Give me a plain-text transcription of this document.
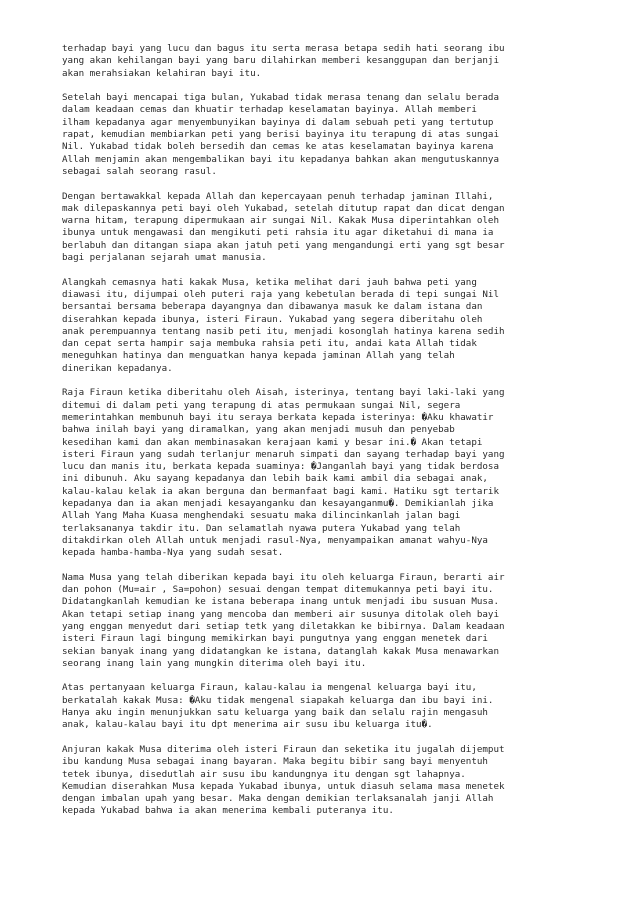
terhadap bayi yang lucu dan bagus itu serta merasa betapa sedih hati seorang ibu
yang akan kehilangan bayi yang baru dilahirkan memberi kesanggupan dan berjanji
akan merahsiakan kelahiran bayi itu.
Setelah bayi mencapai tiga bulan, Yukabad tidak merasa tenang dan selalu berada
dalam keadaan cemas dan khuatir terhadap keselamatan bayinya. Allah memberi
ilham kepadanya agar menyembunyikan bayinya di dalam sebuah peti yang tertutup
rapat, kemudian membiarkan peti yang berisi bayinya itu terapung di atas sungai
Nil. Yukabad tidak boleh bersedih dan cemas ke atas keselamatan bayinya karena
Allah menjamin akan mengembalikan bayi itu kepadanya bahkan akan mengutuskannya
sebagai salah seorang rasul.
Dengan bertawakkal kepada Allah dan kepercayaan penuh terhadap jaminan Illahi,
mak dilepaskannya peti bayi oleh Yukabad, setelah ditutup rapat dan dicat dengan
warna hitam, terapung dipermukaan air sungai Nil. Kakak Musa diperintahkan oleh
ibunya untuk mengawasi dan mengikuti peti rahsia itu agar diketahui di mana ia
berlabuh dan ditangan siapa akan jatuh peti yang mengandungi erti yang sgt besar
bagi perjalanan sejarah umat manusia.
Alangkah cemasnya hati kakak Musa, ketika melihat dari jauh bahwa peti yang
diawasi itu, dijumpai oleh puteri raja yang kebetulan berada di tepi sungai Nil
bersantai bersama beberapa dayangnya dan dibawanya masuk ke dalam istana dan
diserahkan kepada ibunya, isteri Firaun. Yukabad yang segera diberitahu oleh
anak perempuannya tentang nasib peti itu, menjadi kosonglah hatinya karena sedih
dan cepat serta hampir saja membuka rahsia peti itu, andai kata Allah tidak
meneguhkan hatinya dan menguatkan hanya kepada jaminan Allah yang telah
dinerikan kepadanya.
Raja Firaun ketika diberitahu oleh Aisah, isterinya, tentang bayi laki-laki yang
ditemui di dalam peti yang terapung di atas permukaan sungai Nil, segera
memerintahkan membunuh bayi itu seraya berkata kepada isterinya: �Aku khawatir
bahwa inilah bayi yang diramalkan, yang akan menjadi musuh dan penyebab
kesedihan kami dan akan membinasakan kerajaan kami y besar ini.� Akan tetapi
isteri Firaun yang sudah terlanjur menaruh simpati dan sayang terhadap bayi yang
lucu dan manis itu, berkata kepada suaminya: �Janganlah bayi yang tidak berdosa
ini dibunuh. Aku sayang kepadanya dan lebih baik kami ambil dia sebagai anak,
kalau-kalau kelak ia akan berguna dan bermanfaat bagi kami. Hatiku sgt tertarik
kepadanya dan ia akan menjadi kesayanganku dan kesayanganmu�. Demikianlah jika
Allah Yang Maha Kuasa menghendaki sesuatu maka dilincinkanlah jalan bagi
terlaksananya takdir itu. Dan selamatlah nyawa putera Yukabad yang telah
ditakdirkan oleh Allah untuk menjadi rasul-Nya, menyampaikan amanat wahyu-Nya
kepada hamba-hamba-Nya yang sudah sesat.
Nama Musa yang telah diberikan kepada bayi itu oleh keluarga Firaun, berarti air
dan pohon (Mu=air , Sa=pohon) sesuai dengan tempat ditemukannya peti bayi itu.
Didatangkanlah kemudian ke istana beberapa inang untuk menjadi ibu susuan Musa.
Akan tetapi setiap inang yang mencoba dan memberi air susunya ditolak oleh bayi
yang enggan menyedut dari setiap tetk yang diletakkan ke bibirnya. Dalam keadaan
isteri Firaun lagi bingung memikirkan bayi pungutnya yang enggan menetek dari
sekian banyak inang yang didatangkan ke istana, datanglah kakak Musa menawarkan
seorang inang lain yang mungkin diterima oleh bayi itu.
Atas pertanyaan keluarga Firaun, kalau-kalau ia mengenal keluarga bayi itu,
berkatalah kakak Musa: �Aku tidak mengenal siapakah keluarga dan ibu bayi ini.
Hanya aku ingin menunjukkan satu keluarga yang baik dan selalu rajin mengasuh
anak, kalau-kalau bayi itu dpt menerima air susu ibu keluarga itu�.
Anjuran kakak Musa diterima oleh isteri Firaun dan seketika itu jugalah dijemput
ibu kandung Musa sebagai inang bayaran. Maka begitu bibir sang bayi menyentuh
tetek ibunya, disedutlah air susu ibu kandungnya itu dengan sgt lahapnya.
Kemudian diserahkan Musa kepada Yukabad ibunya, untuk diasuh selama masa menetek
dengan imbalan upah yang besar. Maka dengan demikian terlaksanalah janji Allah
kepada Yukabad bahwa ia akan menerima kembali puteranya itu.
